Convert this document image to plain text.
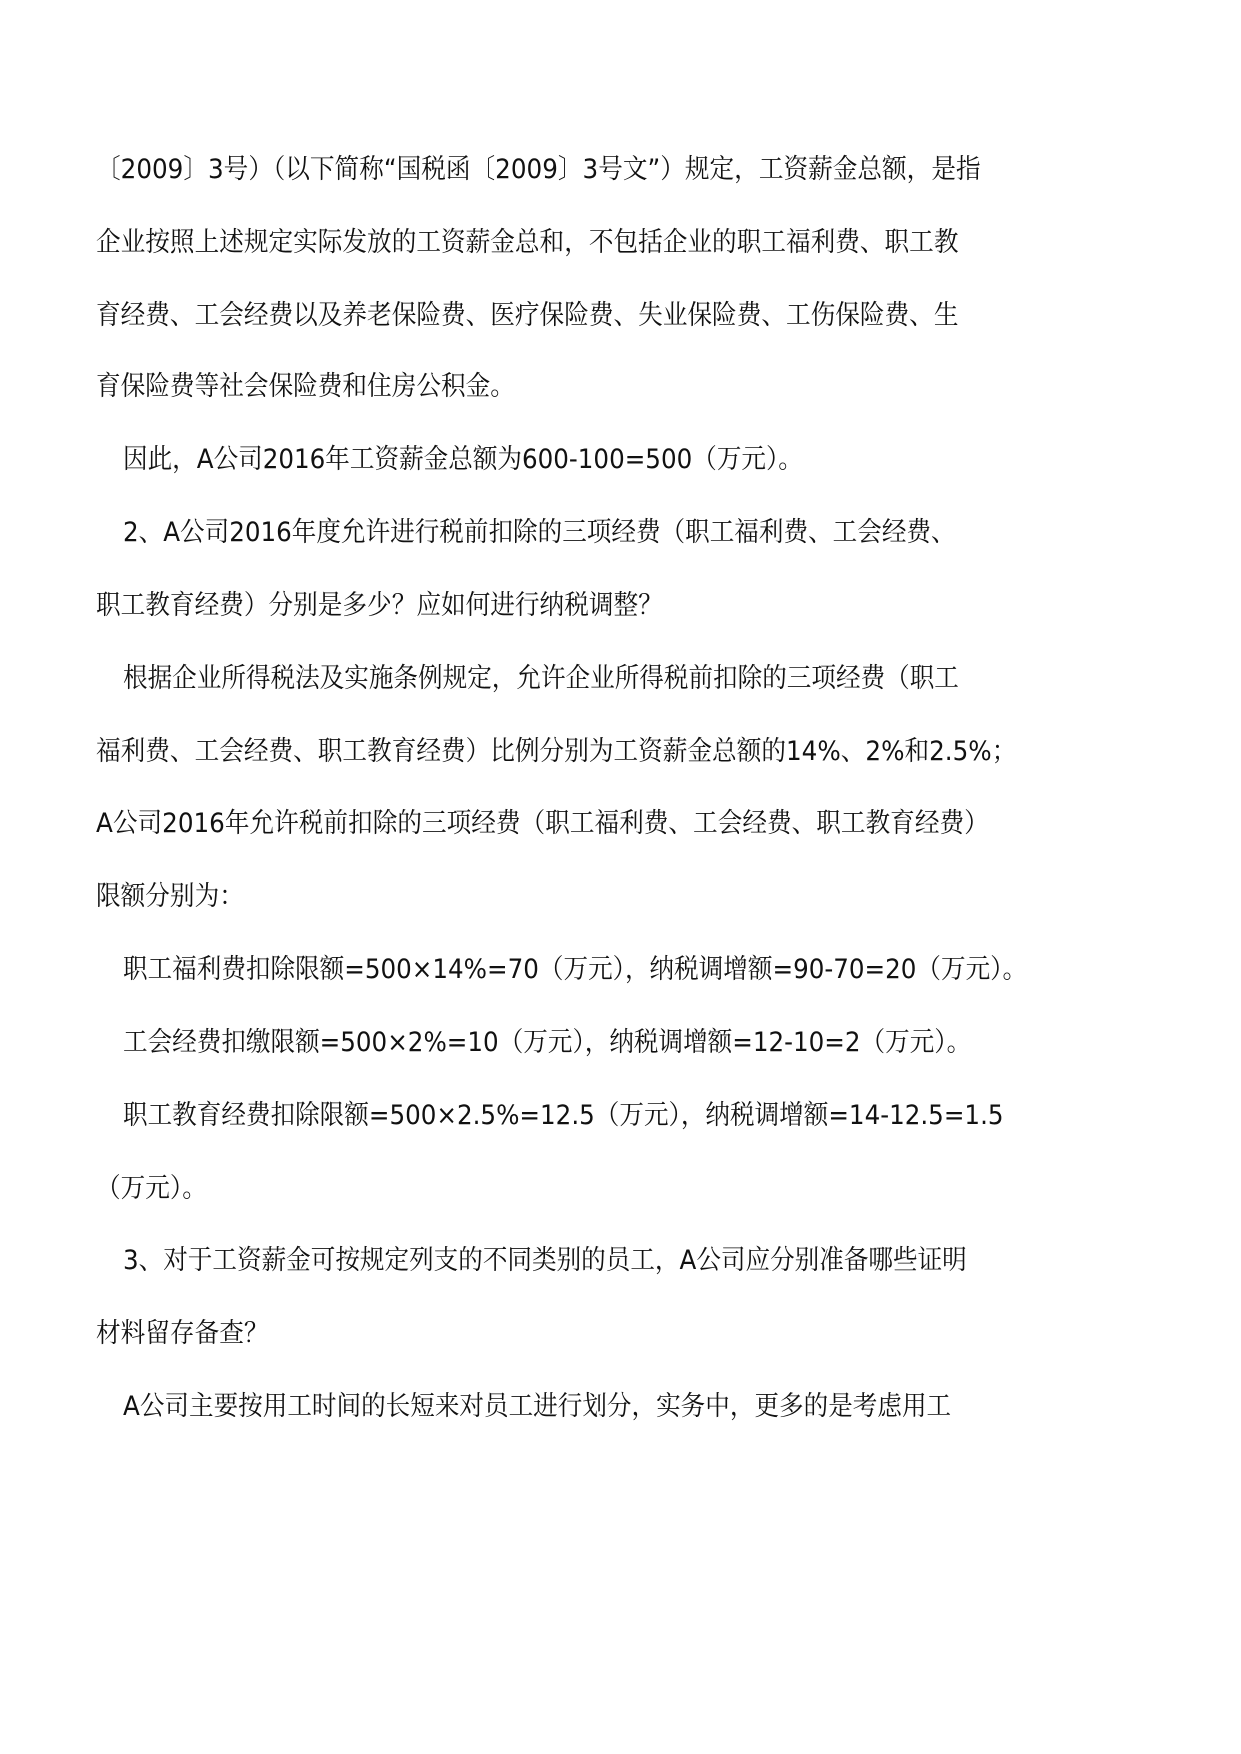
〔2009〕3号）（以下简称“国税函〔2009〕3号文”）规定，工资薪金总额，是指
企业按照上述规定实际发放的工资薪金总和，不包括企业的职工福利费、职工教
育经费、工会经费以及养老保险费、医疗保险费、失业保险费、工伤保险费、生
育保险费等社会保险费和住房公积金。
因此，A公司2016年工资薪金总额为600-100=500（万元）。
2、A公司2016年度允许进行税前扣除的三项经费（职工福利费、工会经费、
职工教育经费）分别是多少？应如何进行纳税调整？
根据企业所得税法及实施条例规定，允许企业所得税前扣除的三项经费（职工
福利费、工会经费、职工教育经费）比例分别为工资薪金总额的14%、2%和2.5%；
A公司2016年允许税前扣除的三项经费（职工福利费、工会经费、职工教育经费）
限额分别为：
职工福利费扣除限额=500×14%=70（万元），纳税调增额=90-70=20（万元）。
工会经费扣缴限额=500×2%=10（万元），纳税调增额=12-10=2（万元）。
职工教育经费扣除限额=500×2.5%=12.5（万元），纳税调增额=14-12.5=1.5
（万元）。
3、对于工资薪金可按规定列支的不同类别的员工，A公司应分别准备哪些证明
材料留存备查？
A公司主要按用工时间的长短来对员工进行划分，实务中，更多的是考虑用工
